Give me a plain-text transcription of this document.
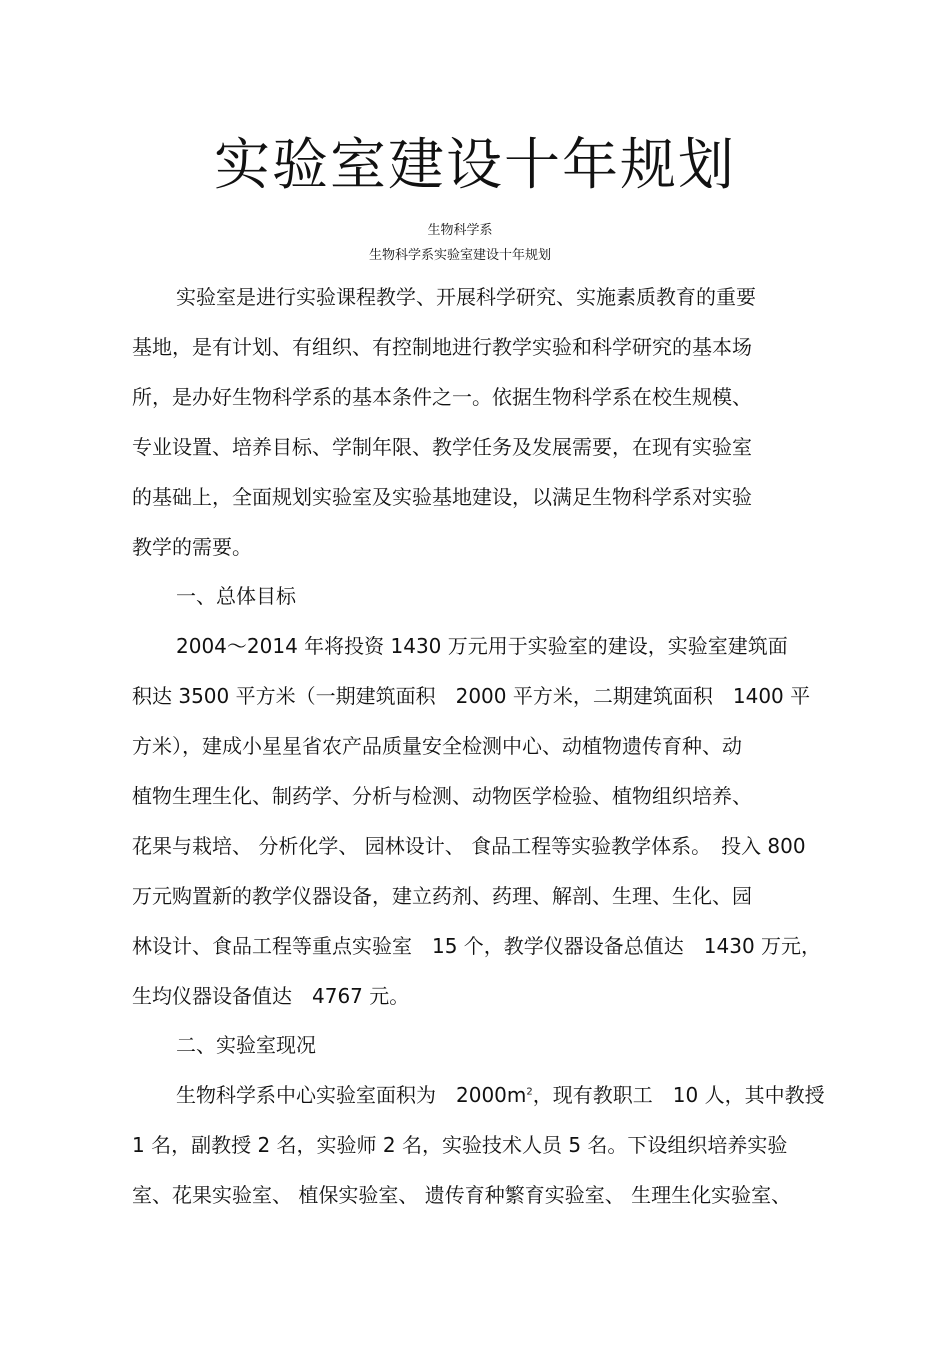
实验室建设十年规划
生物科学系
生物科学系实验室建设十年规划
实验室是进行实验课程教学、开展科学研究、实施素质教育的重要
基地，是有计划、有组织、有控制地进行教学实验和科学研究的基本场
所，是办好生物科学系的基本条件之一。依据生物科学系在校生规模、
专业设置、培养目标、学制年限、教学任务及发展需要，在现有实验室
的基础上，全面规划实验室及实验基地建设，以满足生物科学系对实验
教学的需要。
一、总体目标
2004～2014 年将投资 1430 万元用于实验室的建设，实验室建筑面
积达 3500 平方米（一期建筑面积　2000 平方米，二期建筑面积　1400 平
方米），建成小星星省农产品质量安全检测中心、动植物遗传育种、动
植物生理生化、制药学、分析与检测、动物医学检验、植物组织培养、
花果与栽培、 分析化学、 园林设计、 食品工程等实验教学体系。　投入 800
万元购置新的教学仪器设备，建立药剂、药理、解剖、生理、生化、园
林设计、食品工程等重点实验室　15 个，教学仪器设备总值达　1430 万元，
生均仪器设备值达　4767 元。
二、实验室现况
生物科学系中心实验室面积为　$2000m^2$，现有教职工　10 人，其中教授
1 名，副教授 2 名，实验师 2 名，实验技术人员 5 名。下设组织培养实验
室、花果实验室、 植保实验室、 遗传育种繁育实验室、 生理生化实验室、
